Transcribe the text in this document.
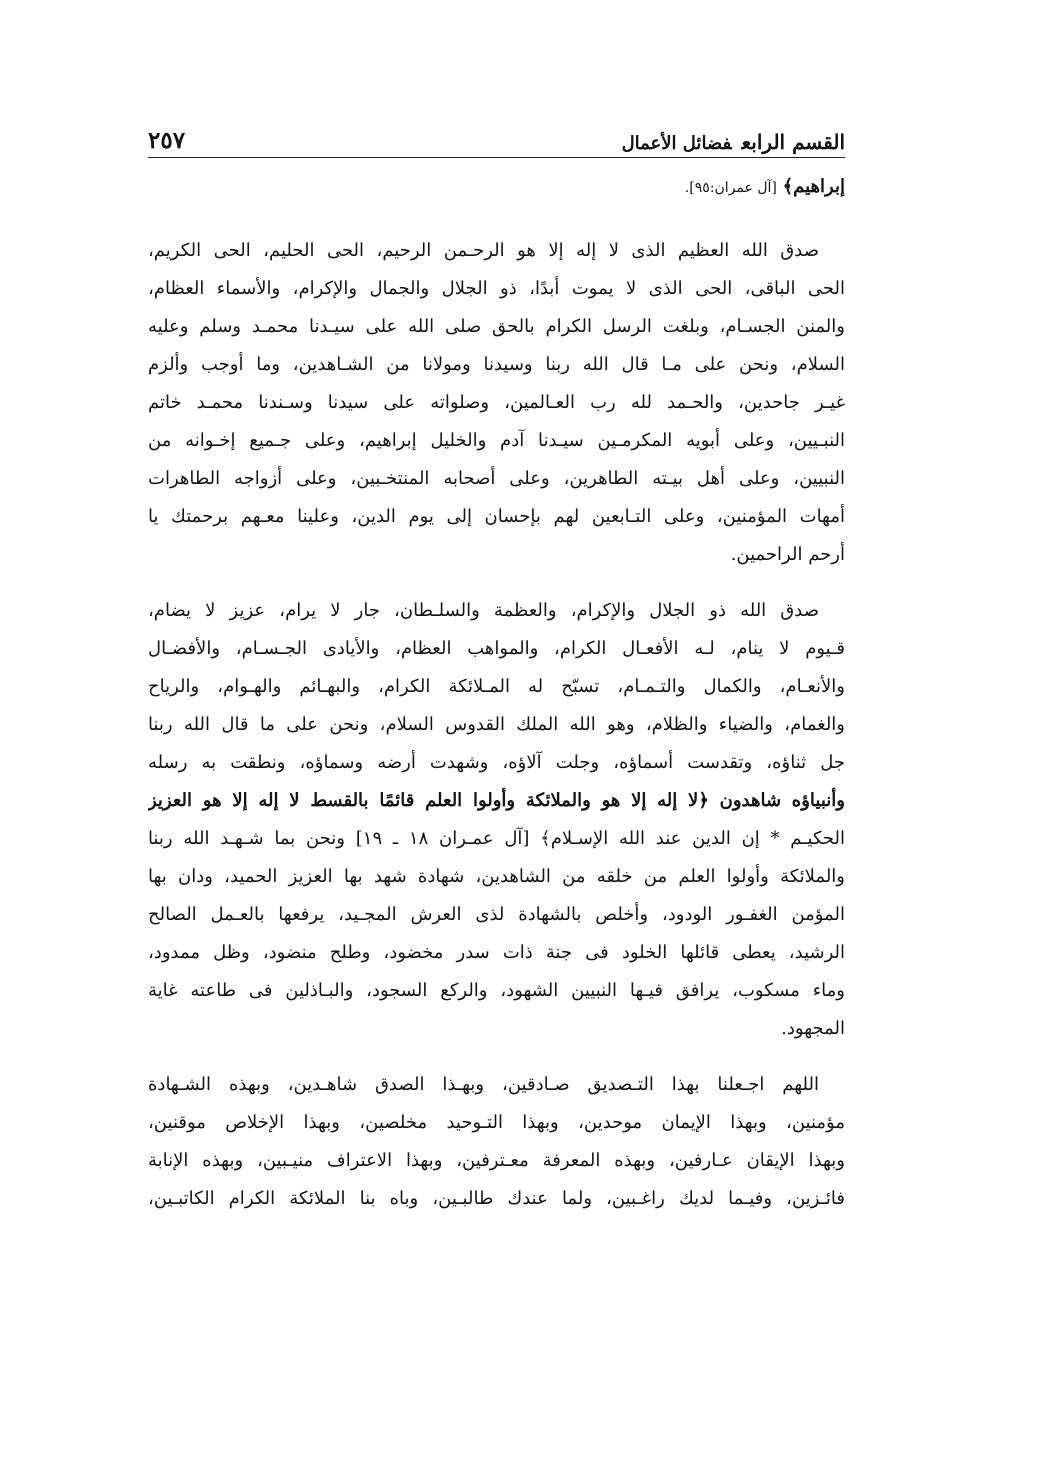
٢٥٧	القسم الرابعفضائل الأعمال
إبراهيم﴾ [آل عمران:٩٥].
صدق الله العظيم الذى لا إله إلا هو الرحـمن الرحيم، الحى الحليم، الحى الكريم،
الحى الباقى، الحى الذى لا يموت أبدًا، ذو الجلال والجمال والإكرام، والأسماء العظام،
والمنن الجسـام، وبلغت الرسل الكرام بالحق صلى الله على سيـدنا محمـد وسلم وعليه
السلام، ونحن على مـا قال الله ربنا وسيدنا ومولانا من الشـاهدين، وما أوجب وألزم
غيـر جاحدين، والحـمد لله رب العـالمين، وصلواته على سيدنا وسـندنا محمـد خاتم
النبـيين، وعلى أبويه المكرمـين سيـدنا آدم والخليل إبراهيم، وعلى جـميع إخـوانه من
النبيين، وعلى أهل بيـته الطاهرين، وعلى أصحابه المنتخـبين، وعلى أزواجه الطاهرات
أمهات المؤمنين، وعلى التـابعين لهم بإحسان إلى يوم الدين، وعلينا معـهم برحمتك يا
أرحم الراحمين.
صدق الله ذو الجلال والإكرام، والعظمة والسلـطان، جار لا يرام، عزيز لا يضام،
قـيوم لا ينام، لـه الأفعـال الكرام، والمواهب العظام، والأيادى الجـسـام، والأفضـال
والأنعـام، والكمال والتـمـام، تسبّح له المـلائكة الكرام، والبهـائم والهـوام، والرياح
والغمام، والضياء والظلام، وهو الله الملك القدوس السلام، ونحن على ما قال الله ربنا
جل ثناؤه، وتقدست أسماؤه، وجلت آلاؤه، وشهدت أرضه وسماؤه، ونطقت به رسله
وأنبياؤه شاهدون ﴿لا إله إلا هو والملائكة وأولوا العلم قائمًا بالقسط لا إله إلا هو العزيز
الحكيـم * إن الدين عند الله الإسـلام﴾ [آل عمـران ١٨ ـ ١٩] ونحن بما شـهـد الله ربنا
والملائكة وأولوا العلم من خلقه من الشاهدين، شهادة شهد بها العزيز الحميد، ودان بها
المؤمن الغفـور الودود، وأخلص بالشهادة لذى العرش المجـيد، يرفعها بالعـمل الصالح
الرشيد، يعطى قائلها الخلود فى جنة ذات سدر مخضود، وطلح منضود، وظل ممدود،
وماء مسكوب، يرافق فيـها النبيين الشهود، والركع السجود، والبـاذلين فى طاعته غاية
المجهود.
اللهم اجـعلنا بهذا التـصديق صـادقين، وبهـذا الصدق شاهـدين، وبهذه الشـهادة
مؤمنين، وبهذا الإيمان موحدين، وبهذا التـوحيد مخلصين، وبهذا الإخلاص موقنين،
وبهذا الإيقان عـارفين، وبهذه المعرفة معـترفين، وبهذا الاعتراف منيـبين، وبهذه الإنابة
فائـزين، وفيـما لديك راغـبين، ولما عندك طالبـين، وباه بنا الملائكة الكرام الكاتبـين،
